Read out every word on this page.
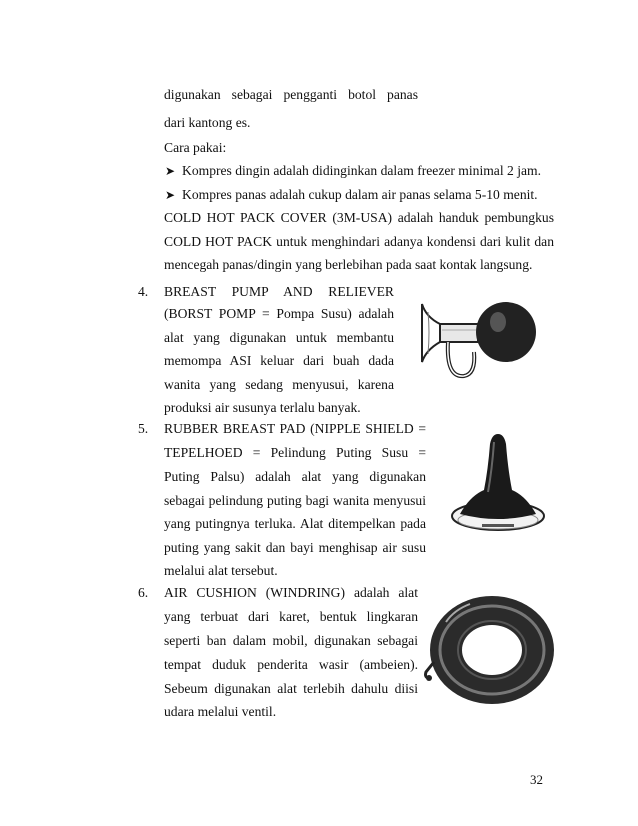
digunakan sebagai pengganti botol panas
dari kantong es.
Cara pakai:
➤ Kompres dingin adalah didinginkan dalam freezer minimal 2 jam.
➤ Kompres panas adalah cukup dalam air panas selama 5-10 menit.
COLD HOT PACK COVER (3M-USA) adalah handuk pembungkus
COLD HOT PACK untuk menghindari adanya kondensi dari kulit dan
mencegah panas/dingin yang berlebihan pada saat kontak langsung.
4. BREAST PUMP AND RELIEVER
(BORST POMP = Pompa Susu) adalah
alat yang digunakan untuk membantu
memompa ASI keluar dari buah dada
wanita yang sedang menyusui, karena
produksi air susunya terlalu banyak.
5. RUBBER BREAST PAD (NIPPLE SHIELD =
TEPELHOED = Pelindung Puting Susu =
Puting Palsu) adalah alat yang digunakan
sebagai pelindung puting bagi wanita menyusui
yang putingnya terluka. Alat ditempelkan pada
puting yang sakit dan bayi menghisap air susu
melalui alat tersebut.
6. AIR CUSHION (WINDRING) adalah alat
yang terbuat dari karet, bentuk lingkaran
seperti ban dalam mobil, digunakan sebagai
tempat duduk penderita wasir (ambeien).
Sebeum digunakan alat terlebih dahulu diisi
udara melalui ventil.
32
